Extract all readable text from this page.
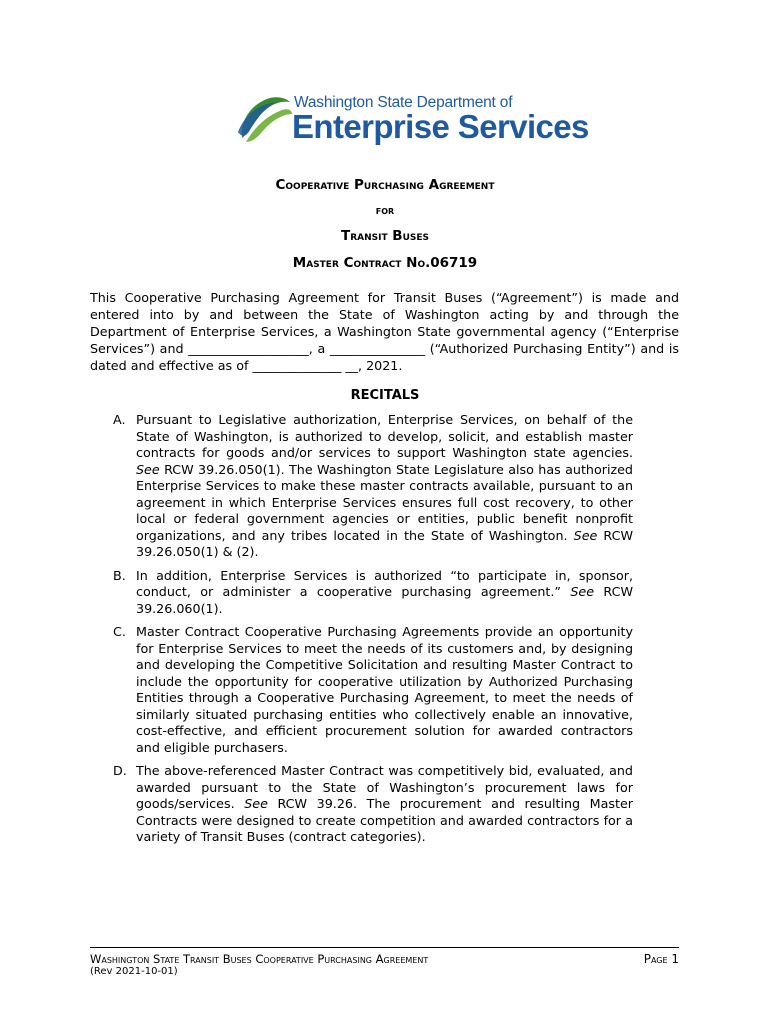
Washington State Department of
Enterprise Services
Cooperative Purchasing Agreement
for
Transit Buses
Master Contract No.06719
This Cooperative Purchasing Agreement for Transit Buses (“Agreement”) is made and entered into by and between the State of Washington acting by and through the Department of Enterprise Services, a Washington State governmental agency (“Enterprise Services”) and ___________________, a _______________ (“Authorized Purchasing Entity”) and is dated and effective as of ______________ __, 2021.
RECITALS
A. Pursuant to Legislative authorization, Enterprise Services, on behalf of the State of Washington, is authorized to develop, solicit, and establish master contracts for goods and/or services to support Washington state agencies. See RCW 39.26.050(1). The Washington State Legislature also has authorized Enterprise Services to make these master contracts available, pursuant to an agreement in which Enterprise Services ensures full cost recovery, to other local or federal government agencies or entities, public benefit nonprofit organizations, and any tribes located in the State of Washington. See RCW 39.26.050(1) & (2).
B. In addition, Enterprise Services is authorized “to participate in, sponsor, conduct, or administer a cooperative purchasing agreement.” See RCW 39.26.060(1).
C. Master Contract Cooperative Purchasing Agreements provide an opportunity for Enterprise Services to meet the needs of its customers and, by designing and developing the Competitive Solicitation and resulting Master Contract to include the opportunity for cooperative utilization by Authorized Purchasing Entities through a Cooperative Purchasing Agreement, to meet the needs of similarly situated purchasing entities who collectively enable an innovative, cost-effective, and efficient procurement solution for awarded contractors and eligible purchasers.
D. The above-referenced Master Contract was competitively bid, evaluated, and awarded pursuant to the State of Washington’s procurement laws for goods/services. See RCW 39.26. The procurement and resulting Master Contracts were designed to create competition and awarded contractors for a variety of Transit Buses (contract categories).
Washington State Transit Buses Cooperative Purchasing Agreement	Page 1
(Rev 2021-10-01)
